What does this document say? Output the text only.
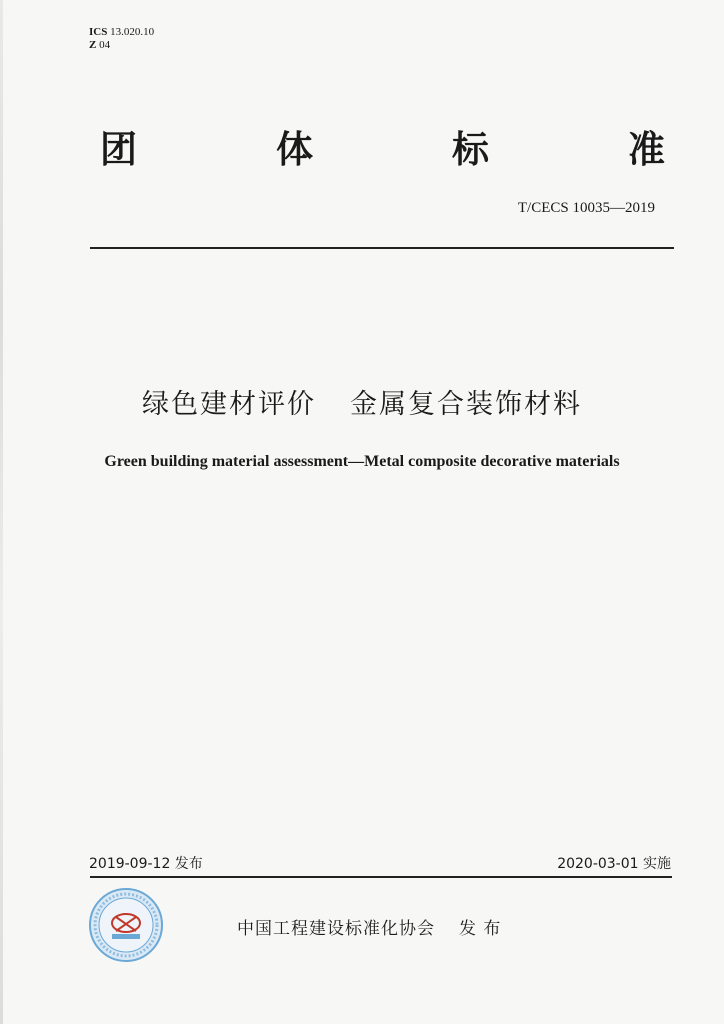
ICS 13.020.10
Z 04
团	体	标	准
T/CECS 10035—2019
绿色建材评价 金属复合装饰材料
Green building material assessment—Metal composite decorative materials
2019-09-12 发布	2020-03-01 实施
中国工程建设标准化协会 发 布
